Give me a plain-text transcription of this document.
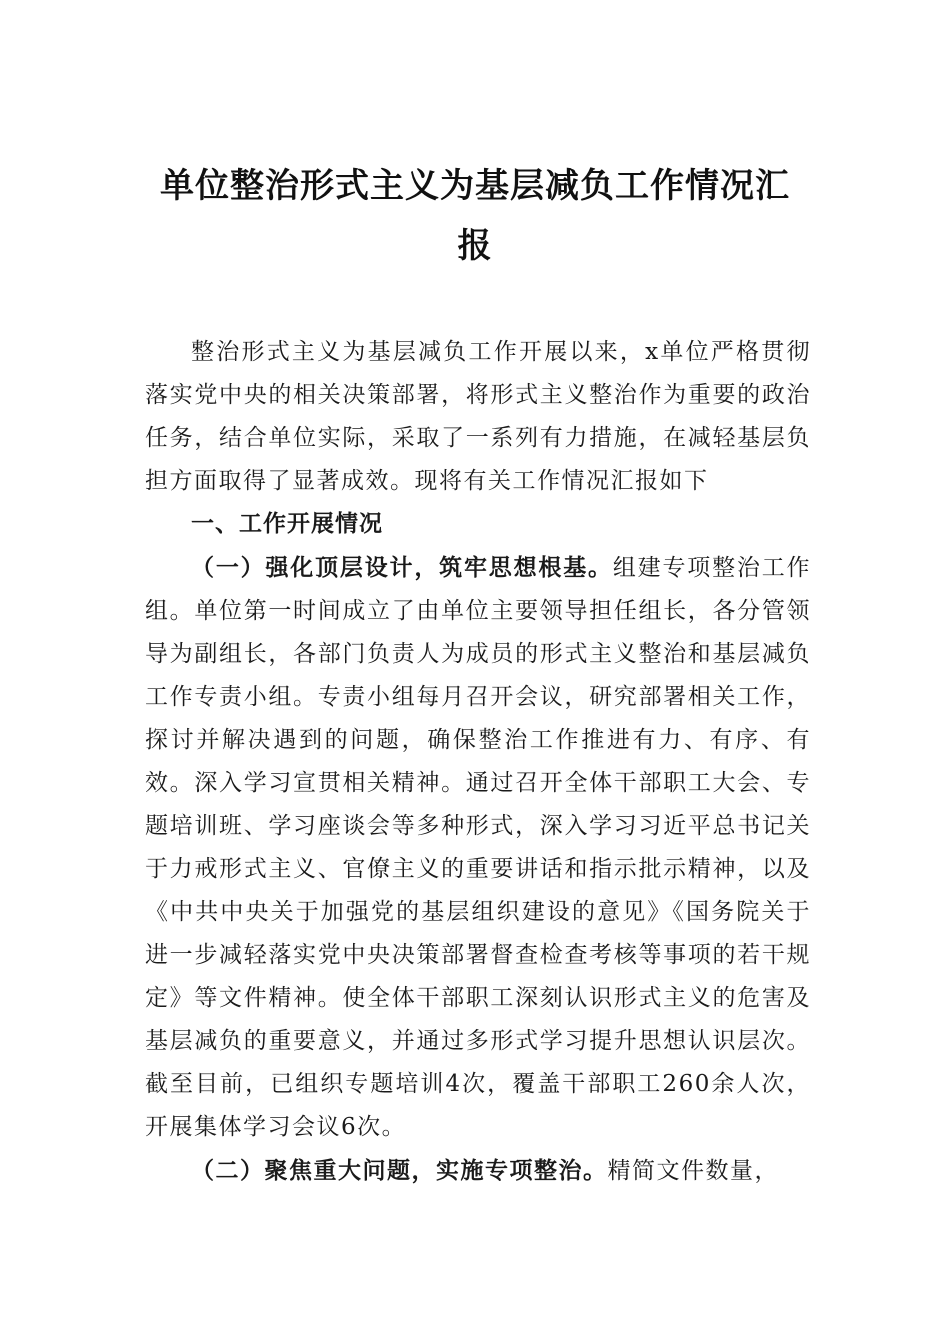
单位整治形式主义为基层减负工作情况汇报

整治形式主义为基层减负工作开展以来，x单位严格贯彻落实党中央的相关决策部署，将形式主义整治作为重要的政治任务，结合单位实际，采取了一系列有力措施，在减轻基层负担方面取得了显著成效。现将有关工作情况汇报如下

一、工作开展情况

（一）强化顶层设计，筑牢思想根基。组建专项整治工作组。单位第一时间成立了由单位主要领导担任组长，各分管领导为副组长，各部门负责人为成员的形式主义整治和基层减负工作专责小组。专责小组每月召开会议，研究部署相关工作，探讨并解决遇到的问题，确保整治工作推进有力、有序、有效。深入学习宣贯相关精神。通过召开全体干部职工大会、专题培训班、学习座谈会等多种形式，深入学习习近平总书记关于力戒形式主义、官僚主义的重要讲话和指示批示精神，以及《中共中央关于加强党的基层组织建设的意见》《国务院关于进一步减轻落实党中央决策部署督查检查考核等事项的若干规定》等文件精神。使全体干部职工深刻认识形式主义的危害及基层减负的重要意义，并通过多形式学习提升思想认识层次。截至目前，已组织专题培训4次，覆盖干部职工260余人次，开展集体学习会议6次。

（二）聚焦重大问题，实施专项整治。精简文件数量，
